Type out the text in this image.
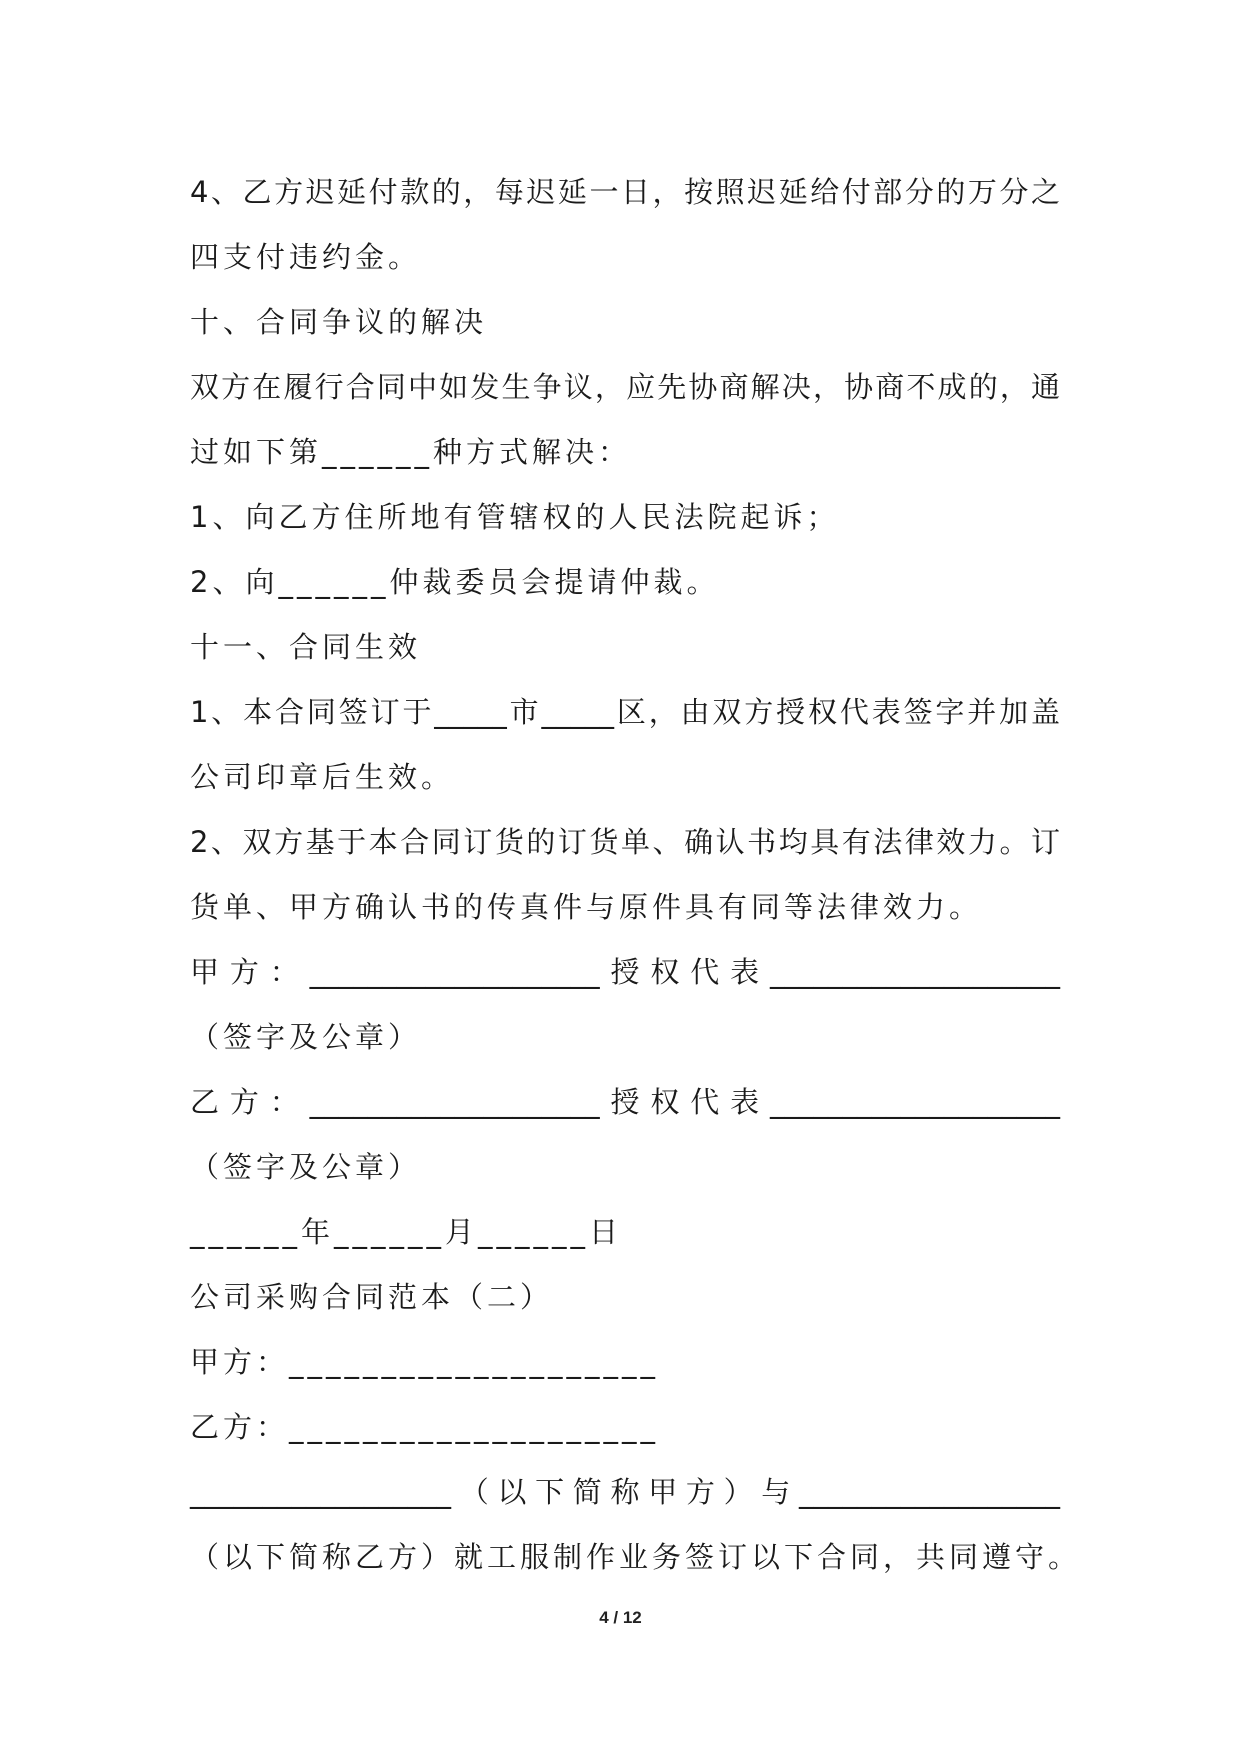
4、乙方迟延付款的，每迟延一日，按照迟延给付部分的万分之
四支付违约金。
十、合同争议的解决
双方在履行合同中如发生争议，应先协商解决，协商不成的，通
过如下第______种方式解决：
1、向乙方住所地有管辖权的人民法院起诉；
2、向______仲裁委员会提请仲裁。
十一、合同生效
1、本合同签订于_____市_____区，由双方授权代表签字并加盖
公司印章后生效。
2、双方基于本合同订货的订货单、确认书均具有法律效力。订
货单、甲方确认书的传真件与原件具有同等法律效力。
甲方：____________________授权代表____________________
（签字及公章）
乙方：____________________授权代表____________________
（签字及公章）
______年______月______日
公司采购合同范本（二）
甲方：____________________
乙方：____________________
__________________（以下简称甲方）与__________________
（以下简称乙方）就工服制作业务签订以下合同，共同遵守。
4 / 12
